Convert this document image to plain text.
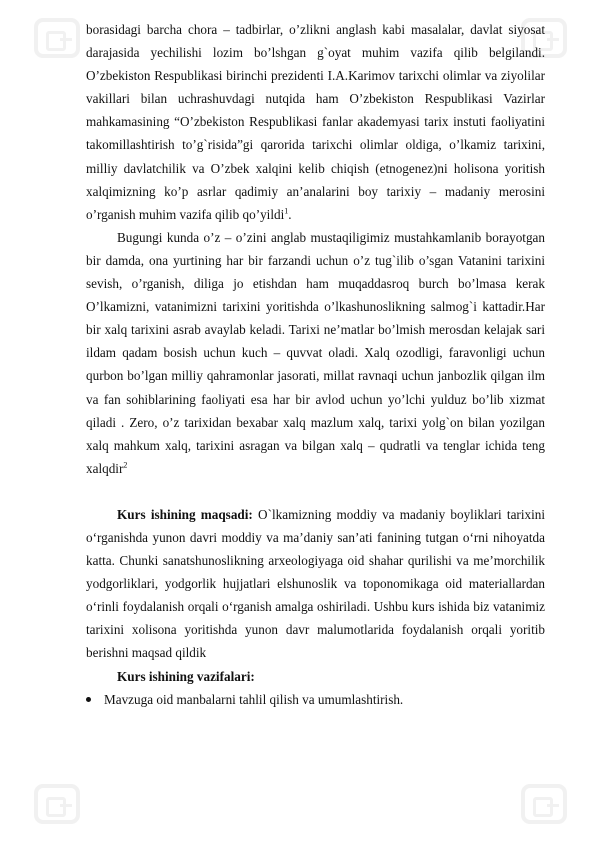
borasidagi barcha chora – tadbirlar, o’zlikni anglash kabi masalalar, davlat siyosat darajasida yechilishi lozim bo’lshgan g`oyat muhim vazifa qilib belgilandi. O’zbekiston Respublikasi birinchi prezidenti I.A.Karimov tarixchi olimlar va ziyolilar vakillari bilan uchrashuvdagi nutqida ham O’zbekiston Respublikasi Vazirlar mahkamasining “O’zbekiston Respublikasi fanlar akademyasi tarix instuti faoliyatini takomillashtirish to’g`risida”gi qarorida tarixchi olimlar oldiga, o’lkamiz tarixini, milliy davlatchilik va O’zbek xalqini kelib chiqish (etnogenez)ni holisona yoritish xalqimizning ko’p asrlar qadimiy an’analarini boy tarixiy – madaniy merosini o’rganish muhim vazifa qilib qo’yildi$^1$.

Bugungi kunda o’z – o’zini anglab mustaqiligimiz mustahkamlanib borayotgan bir damda, ona yurtining har bir farzandi uchun o’z tug`ilib o’sgan Vatanini tarixini sevish, o’rganish, diliga jo etishdan ham muqaddasroq burch bo’lmasa kerak O’lkamizni, vatanimizni tarixini yoritishda o’lkashunoslikning salmog`i kattadir.Har bir xalq tarixini asrab avaylab keladi. Tarixi ne’matlar bo’lmish merosdan kelajak sari ildam qadam bosish uchun kuch – quvvat oladi. Xalq ozodligi, faravonligi uchun qurbon bo’lgan milliy qahramonlar jasorati, millat ravnaqi uchun janbozlik qilgan ilm va fan sohiblarining faoliyati esa har bir avlod uchun yo’lchi yulduz bo’lib xizmat qiladi . Zero, o’z tarixidan bexabar xalq mazlum xalq, tarixi yolg`on bilan yozilgan xalq mahkum xalq, tarixini asragan va bilgan xalq – qudratli va tenglar ichida teng xalqdir$^2$

Kurs ishining maqsadi: O`lkamizning moddiy va madaniy boyliklari tarixini o‘rganishda yunon davri moddiy va ma’daniy san’ati fanining tutgan o‘rni nihoyatda katta. Chunki sanatshunoslikning arxeologiyaga oid shahar qurilishi va me’morchilik yodgorliklari, yodgorlik hujjatlari elshunoslik va toponomikaga oid materiallardan o‘rinli foydalanish orqali o‘rganish amalga oshiriladi. Ushbu kurs ishida biz vatanimiz tarixini xolisona yoritishda yunon davr malumotlarida foydalanish orqali yoritib berishni maqsad qildik

Kurs ishining vazifalari:

Mavzuga oid manbalarni tahlil qilish va umumlashtirish.
